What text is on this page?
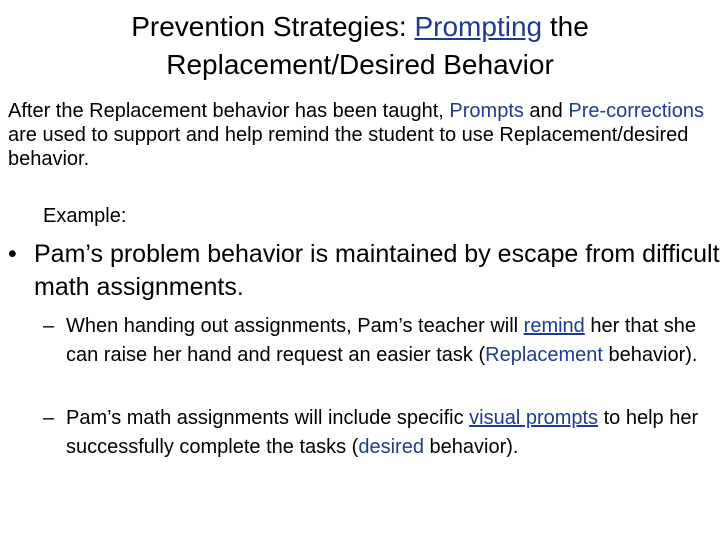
Prevention Strategies: Prompting the
Replacement/Desired Behavior
After the Replacement behavior has been taught, Prompts and Pre-corrections are used to support and help remind the student to use Replacement/desired behavior.
Example:
• Pam’s problem behavior is maintained by escape from difficult math assignments.
– When handing out assignments, Pam’s teacher will remind her that she can raise her hand and request an easier task (Replacement behavior).
– Pam’s math assignments will include specific visual prompts to help her successfully complete the tasks (desired behavior).
